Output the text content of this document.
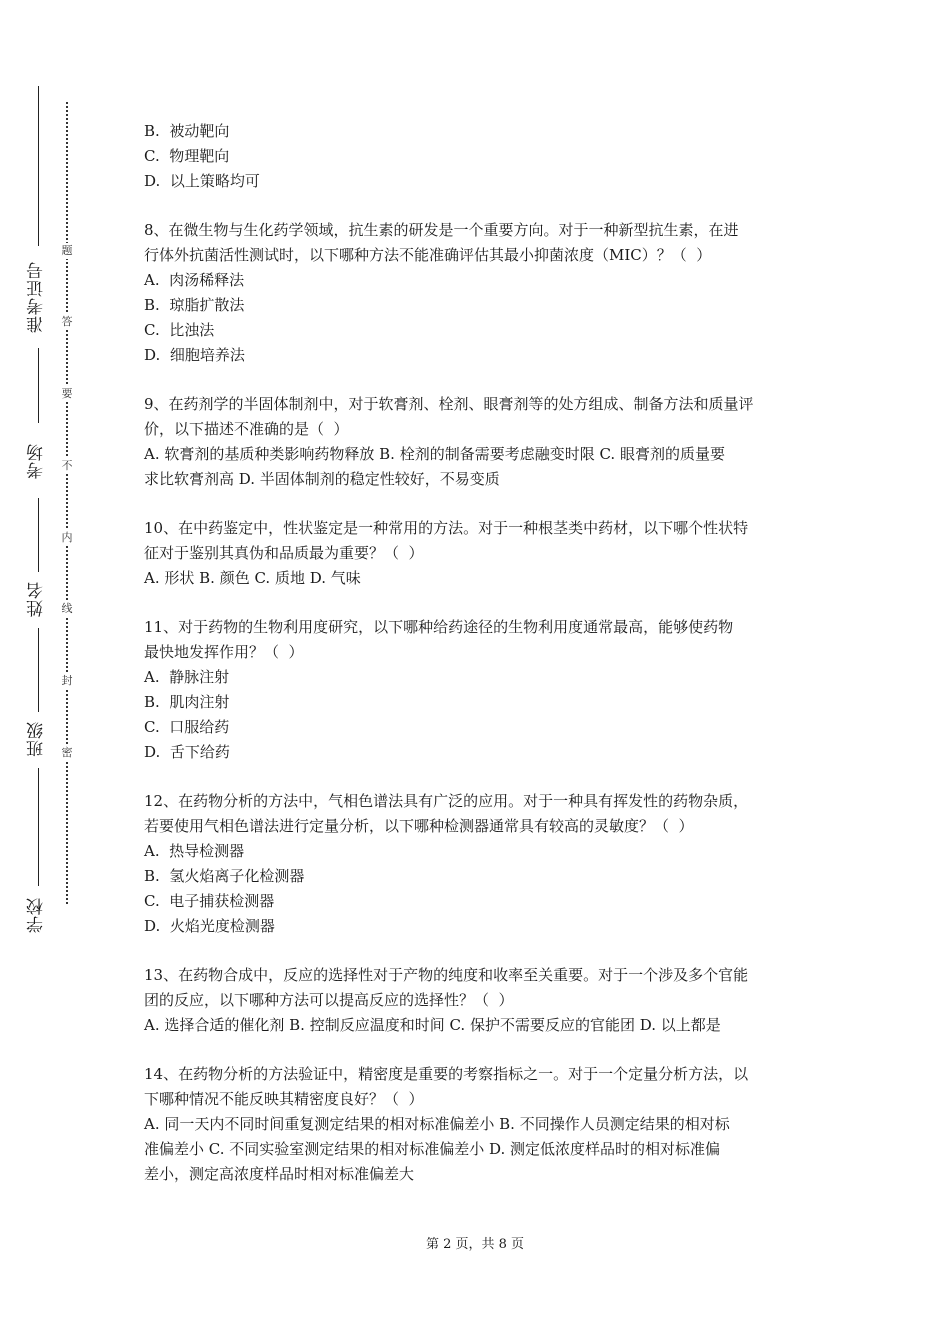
准考证号
考场
姓名
班级
学校
题
答
要
不
内
线
封
密

B. 被动靶向

C. 物理靶向

D. 以上策略均可

8、在微生物与生化药学领域，抗生素的研发是一个重要方向。对于一种新型抗生素，在进

行体外抗菌活性测试时，以下哪种方法不能准确评估其最小抑菌浓度（MIC）？（  ）

A. 肉汤稀释法

B. 琼脂扩散法

C. 比浊法

D. 细胞培养法

9、在药剂学的半固体制剂中，对于软膏剂、栓剂、眼膏剂等的处方组成、制备方法和质量评

价，以下描述不准确的是（  ）

A. 软膏剂的基质种类影响药物释放 B. 栓剂的制备需要考虑融变时限 C. 眼膏剂的质量要

求比软膏剂高 D. 半固体制剂的稳定性较好，不易变质

10、在中药鉴定中，性状鉴定是一种常用的方法。对于一种根茎类中药材，以下哪个性状特

征对于鉴别其真伪和品质最为重要？（  ）

A. 形状 B. 颜色 C. 质地 D. 气味

11、对于药物的生物利用度研究，以下哪种给药途径的生物利用度通常最高，能够使药物

最快地发挥作用？（  ）

A. 静脉注射

B. 肌肉注射

C. 口服给药

D. 舌下给药

12、在药物分析的方法中，气相色谱法具有广泛的应用。对于一种具有挥发性的药物杂质，

若要使用气相色谱法进行定量分析，以下哪种检测器通常具有较高的灵敏度？（  ）

A. 热导检测器

B. 氢火焰离子化检测器

C. 电子捕获检测器

D. 火焰光度检测器

13、在药物合成中，反应的选择性对于产物的纯度和收率至关重要。对于一个涉及多个官能

团的反应，以下哪种方法可以提高反应的选择性？（  ）

A. 选择合适的催化剂 B. 控制反应温度和时间 C. 保护不需要反应的官能团 D. 以上都是

14、在药物分析的方法验证中，精密度是重要的考察指标之一。对于一个定量分析方法，以

下哪种情况不能反映其精密度良好？（  ）

A. 同一天内不同时间重复测定结果的相对标准偏差小 B. 不同操作人员测定结果的相对标

准偏差小 C. 不同实验室测定结果的相对标准偏差小 D. 测定低浓度样品时的相对标准偏

差小，测定高浓度样品时相对标准偏差大

第 2 页，共 8 页
